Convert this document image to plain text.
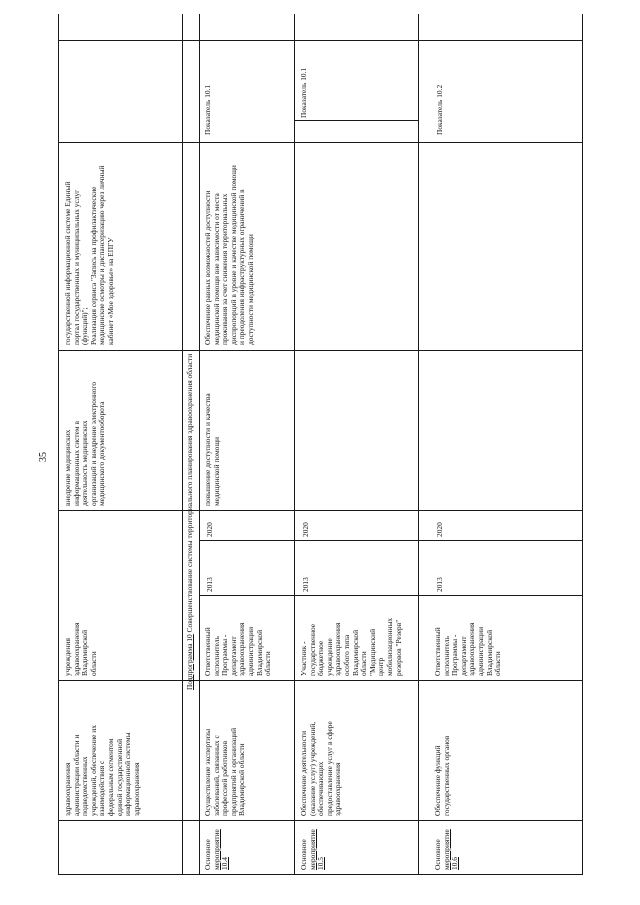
35
государственной информационной системе Единый
портал государственных и муниципальных услуг
(функций)";
Реализация сервиса "Запись на профилактические
медицинские осмотры и диспансеризацию через личный
кабинет «Мое здоровье» на ЕПГУ
внедрение медицинских
информационных систем в
деятельность медицинских
организаций и внедрение электронного
медицинского документооборота
учреждения
здравоохранения
Владимирской
области
здравоохранения
администрации области и
подведомственных
учреждений, обеспечение их
взаимодействия с
федеральным сегментом
единой государственной
информационной системы
здравоохранения
Подпрограмма 10 Совершенствование системы территориального планирования здравоохранения области
Показатель 10.1
Обеспечение равных возможностей доступности
медицинской помощи вне зависимости от места
проживания за счет снижения территориальных
диспропорций в уровне и качестве медицинской помощи
и преодоления инфраструктурных ограничений в
доступности медицинской помощи
повышение доступности и качества
медицинской помощи
2020
2013
Ответственный
исполнитель
Программы -
департамент
здравоохранения
администрации
Владимирской
области
Осуществление экспертизы
заболеваний, связанных с
профессией работников
предприятий и организаций
Владимирской области
Основное
мероприятие
10.4
Показатель 10.1
2020
2013
Участник -
государственное
бюджетное
учреждение
здравоохранения
особого типа
Владимирской
области
"Медицинский
центр
мобилизационных
резервов "Резерв"
Обеспечение деятельности
(оказание услуг) учреждений,
обеспечивающих
предоставление услуг в сфере
здравоохранения
Основное
мероприятие
10.5
Показатель 10.2
2020
2013
Ответственный
исполнитель
Программы -
департамент
здравоохранения
администрации
Владимирской
области
Обеспечение функций
государственных органов
Основное
мероприятие
10.6
